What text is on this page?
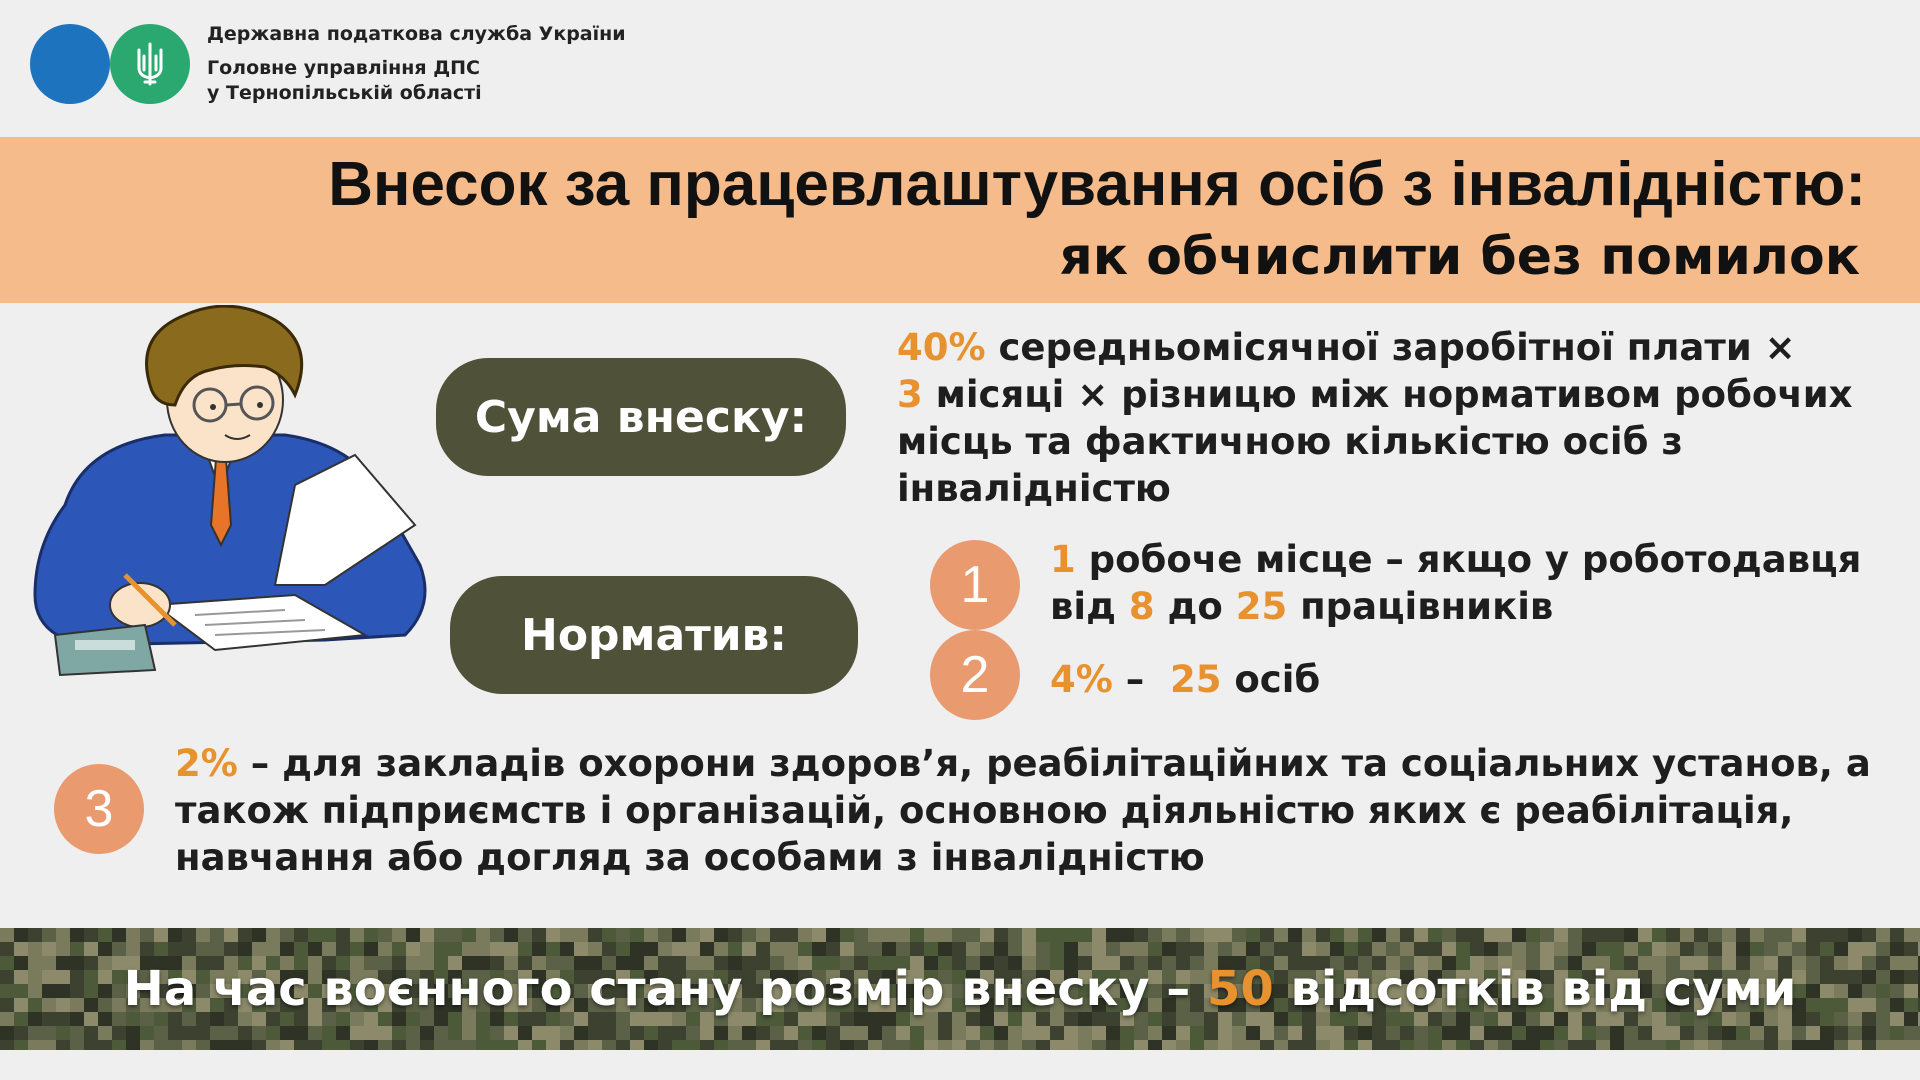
Державна податкова служба України
Головне управління ДПС
у Тернопільській області
Внесок за працевлаштування осіб з інвалідністю:
як обчислити без помилок
Сума внеску:
Норматив:
40% середньомісячної заробітної плати ×
3 місяці × різницю між нормативом робочих місць та фактичною кількістю осіб з інвалідністю
1
2
3
1 робоче місце – якщо у роботодавця від 8 до 25 працівників
4% –  25 осіб
2% – для закладів охорони здоров’я, реабілітаційних та соціальних установ, а також підприємств і організацій, основною діяльністю яких є реабілітація, навчання або догляд за особами з інвалідністю
На час воєнного стану розмір внеску – 50 відсотків від суми
